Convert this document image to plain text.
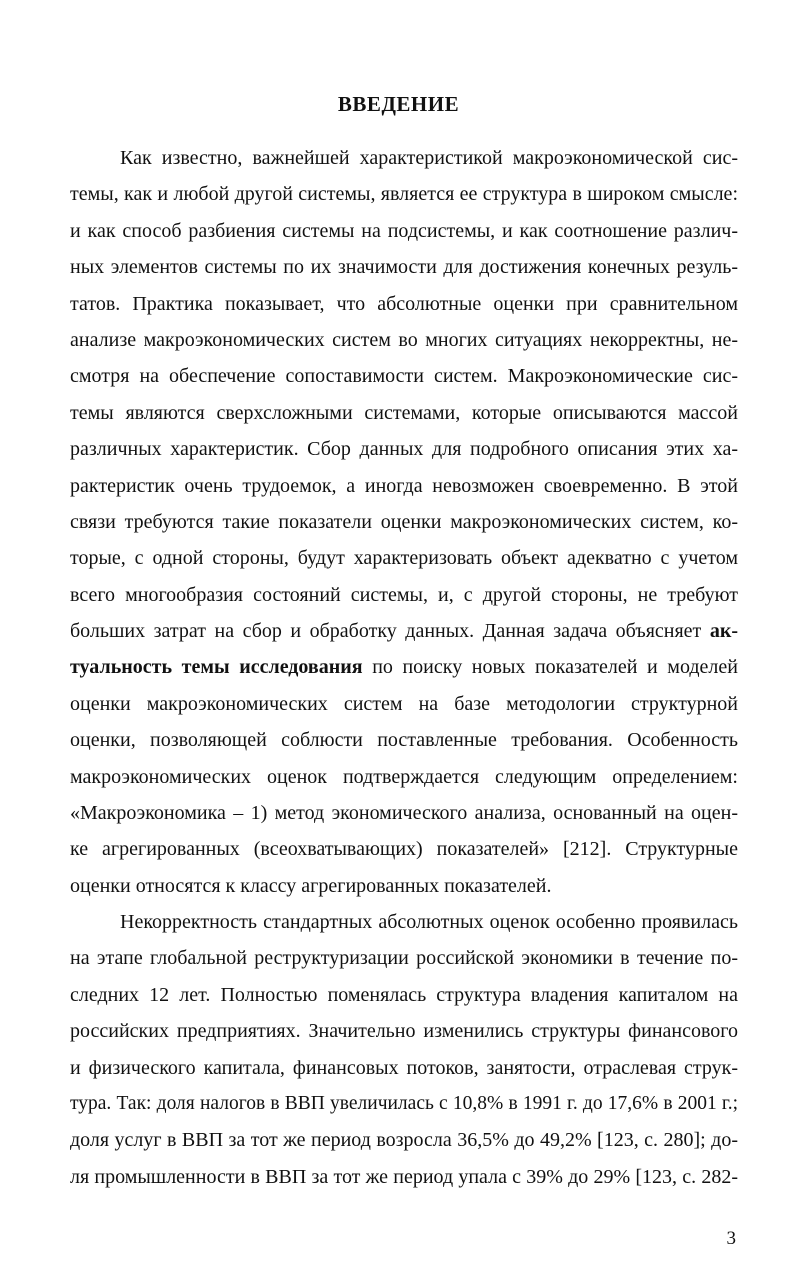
ВВЕДЕНИЕ
Как известно, важнейшей характеристикой макроэкономической сис-
темы, как и любой другой системы, является ее структура в широком смысле:
и как способ разбиения системы на подсистемы, и как соотношение различ-
ных элементов системы по их значимости для достижения конечных резуль-
татов. Практика показывает, что абсолютные оценки при сравнительном
анализе макроэкономических систем во многих ситуациях некорректны, не-
смотря на обеспечение сопоставимости систем. Макроэкономические сис-
темы являются сверхсложными системами, которые описываются массой
различных характеристик. Сбор данных для подробного описания этих ха-
рактеристик очень трудоемок, а иногда невозможен своевременно. В этой
связи требуются такие показатели оценки макроэкономических систем, ко-
торые, с одной стороны, будут характеризовать объект адекватно с учетом
всего многообразия состояний системы, и, с другой стороны, не требуют
больших затрат на сбор и обработку данных. Данная задача объясняет ак-
туальность темы исследования по поиску новых показателей и моделей
оценки макроэкономических систем на базе методологии структурной
оценки, позволяющей соблюсти поставленные требования. Особенность
макроэкономических оценок подтверждается следующим определением:
«Макроэкономика – 1) метод экономического анализа, основанный на оцен-
ке агрегированных (всеохватывающих) показателей» [212]. Структурные
оценки относятся к классу агрегированных показателей.
Некорректность стандартных абсолютных оценок особенно проявилась
на этапе глобальной реструктуризации российской экономики в течение по-
следних 12 лет. Полностью поменялась структура владения капиталом на
российских предприятиях. Значительно изменились структуры финансового
и физического капитала, финансовых потоков, занятости, отраслевая струк-
тура. Так: доля налогов в ВВП увеличилась с 10,8% в 1991 г. до 17,6% в 2001 г.;
доля услуг в ВВП за тот же период возросла 36,5% до 49,2% [123, с. 280]; до-
ля промышленности в ВВП за тот же период упала с 39% до 29% [123, с. 282-
3
